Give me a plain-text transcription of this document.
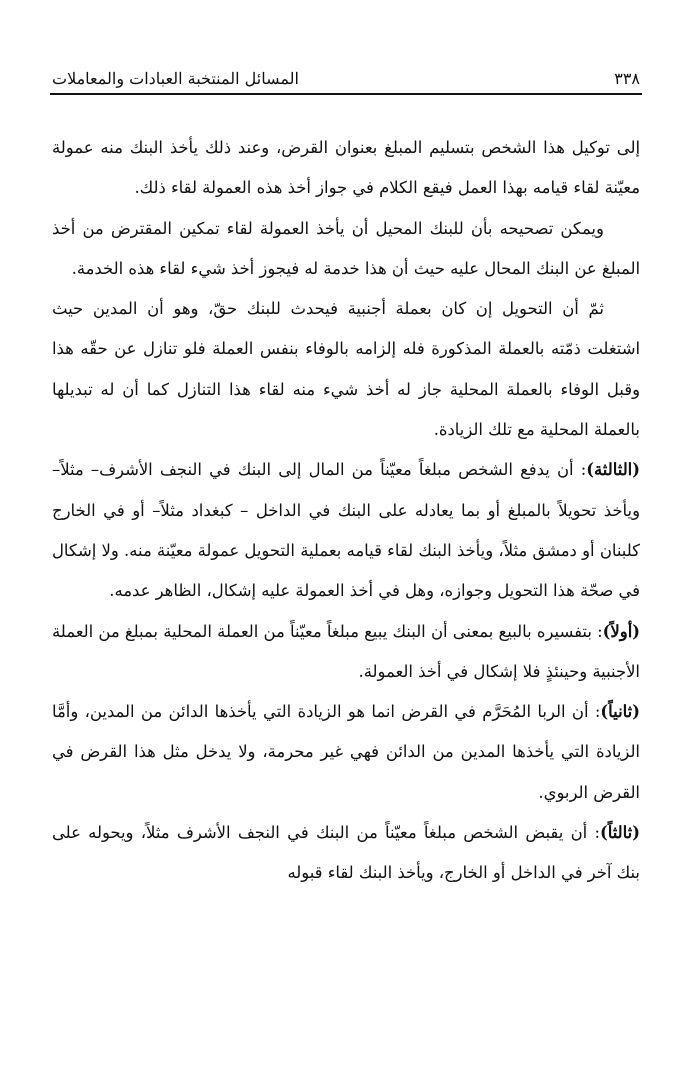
٣٣٨
المسائل المنتخبة العبادات والمعاملات

إلى توكيل هذا الشخص بتسليم المبلغ بعنوان القرض، وعند ذلك يأخذ البنك منه عمولة معيّنة لقاء قيامه بهذا العمل فيقع الكلام في جواز أخذ هذه العمولة لقاء ذلك.

ويمكن تصحيحه بأن للبنك المحيل أن يأخذ العمولة لقاء تمكين المقترض من أخذ المبلغ عن البنك المحال عليه حيث أن هذا خدمة له فيجوز أخذ شيء لقاء هذه الخدمة.

ثمّ أن التحويل إن كان بعملة أجنبية فيحدث للبنك حقّ، وهو أن المدين حيث اشتغلت ذمّته بالعملة المذكورة فله إلزامه بالوفاء بنفس العملة فلو تنازل عن حقّه هذا وقبل الوفاء بالعملة المحلية جاز له أخذ شيء منه لقاء هذا التنازل كما أن له تبديلها بالعملة المحلية مع تلك الزيادة.

(الثالثة): أن يدفع الشخص مبلغاً معيّناً من المال إلى البنك في النجف الأشرف– مثلاً– ويأخذ تحويلاً بالمبلغ أو بما يعادله على البنك في الداخل – كبغداد مثلاً– أو في الخارج كلبنان أو دمشق مثلاً، ويأخذ البنك لقاء قيامه بعملية التحويل عمولة معيّنة منه. ولا إشكال في صحّة هذا التحويل وجوازه، وهل في أخذ العمولة عليه إشكال، الظاهر عدمه.

(أولاً): بتفسيره بالبيع بمعنى أن البنك يبيع مبلغاً معيّناً من العملة المحلية بمبلغ من العملة الأجنبية وحينئذٍ فلا إشكال في أخذ العمولة.

(ثانياً): أن الربا المُحَرَّم في القرض انما هو الزيادة التي يأخذها الدائن من المدين، وأمَّا الزيادة التي يأخذها المدين من الدائن فهي غير محرمة، ولا يدخل مثل هذا القرض في القرض الربوي.

(ثالثاً): أن يقبض الشخص مبلغاً معيّناً من البنك في النجف الأشرف مثلاً، ويحوله على بنك آخر في الداخل أو الخارج، ويأخذ البنك لقاء قبوله
